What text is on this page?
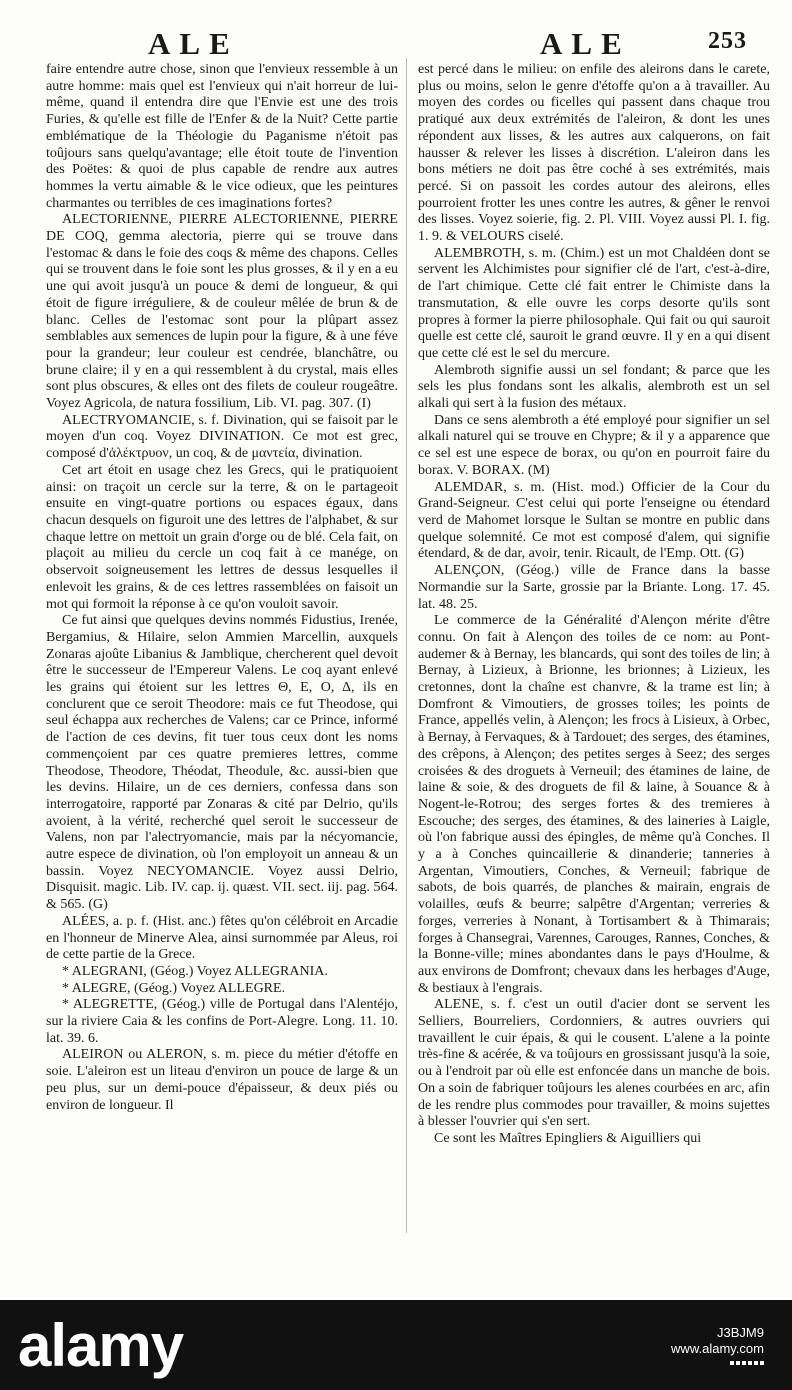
ALE	ALE	253

faire entendre autre chose, sinon que l'envieux ressemble à un autre homme: mais quel est l'envieux qui n'ait horreur de lui-même, quand il entendra dire que l'Envie est une des trois Furies, & qu'elle est fille de l'Enfer & de la Nuit? Cette partie emblématique de la Théologie du Paganisme n'étoit pas toûjours sans quelqu'avantage; elle étoit toute de l'invention des Poëtes: & quoi de plus capable de rendre aux autres hommes la vertu aimable & le vice odieux, que les peintures charmantes ou terribles de ces imaginations fortes?

ALECTORIENNE, PIERRE ALECTORIENNE, PIERRE DE COQ, gemma alectoria, pierre qui se trouve dans l'estomac & dans le foie des coqs & même des chapons. Celles qui se trouvent dans le foie sont les plus grosses, & il y en a eu une qui avoit jusqu'à un pouce & demi de longueur, & qui étoit de figure irréguliere, & de couleur mêlée de brun & de blanc. Celles de l'estomac sont pour la plûpart assez semblables aux semences de lupin pour la figure, & à une féve pour la grandeur; leur couleur est cendrée, blanchâtre, ou brune claire; il y en a qui ressemblent à du crystal, mais elles sont plus obscures, & elles ont des filets de couleur rougeâtre. Voyez Agricola, de natura fossilium, Lib. VI. pag. 307. (I)

ALECTRYOMANCIE, s. f. Divination, qui se faisoit par le moyen d'un coq. Voyez DIVINATION. Ce mot est grec, composé d'ἀλέκτρυον, un coq, & de μαντεία, divination.

Cet art étoit en usage chez les Grecs, qui le pratiquoient ainsi: on traçoit un cercle sur la terre, & on le partageoit ensuite en vingt-quatre portions ou espaces égaux, dans chacun desquels on figuroit une des lettres de l'alphabet, & sur chaque lettre on mettoit un grain d'orge ou de blé. Cela fait, on plaçoit au milieu du cercle un coq fait à ce manége, on observoit soigneusement les lettres de dessus lesquelles il enlevoit les grains, & de ces lettres rassemblées on faisoit un mot qui formoit la réponse à ce qu'on vouloit savoir.

Ce fut ainsi que quelques devins nommés Fidustius, Irenée, Bergamius, & Hilaire, selon Ammien Marcellin, auxquels Zonaras ajoûte Libanius & Jamblique, chercherent quel devoit être le successeur de l'Empereur Valens. Le coq ayant enlevé les grains qui étoient sur les lettres Θ, Ε, Ο, Δ, ils en conclurent que ce seroit Theodore: mais ce fut Theodose, qui seul échappa aux recherches de Valens; car ce Prince, informé de l'action de ces devins, fit tuer tous ceux dont les noms commençoient par ces quatre premieres lettres, comme Theodose, Theodore, Théodat, Theodule, &c. aussi-bien que les devins. Hilaire, un de ces derniers, confessa dans son interrogatoire, rapporté par Zonaras & cité par Delrio, qu'ils avoient, à la vérité, recherché quel seroit le successeur de Valens, non par l'alectryomancie, mais par la nécyomancie, autre espece de divination, où l'on employoit un anneau & un bassin. Voyez NECYOMANCIE. Voyez aussi Delrio, Disquisit. magic. Lib. IV. cap. ij. quæst. VII. sect. iij. pag. 564. & 565. (G)

ALÉES, a. p. f. (Hist. anc.) fêtes qu'on célébroit en Arcadie en l'honneur de Minerve Alea, ainsi surnommée par Aleus, roi de cette partie de la Grece.

* ALEGRANI, (Géog.) Voyez ALLEGRANIA.

* ALEGRE, (Géog.) Voyez ALLEGRE.

* ALEGRETTE, (Géog.) ville de Portugal dans l'Alentéjo, sur la riviere Caia & les confins de Port-Alegre. Long. 11. 10. lat. 39. 6.

ALEIRON ou ALERON, s. m. piece du métier d'étoffe en soie. L'aleiron est un liteau d'environ un pouce de large & un peu plus, sur un demi-pouce d'épaisseur, & deux piés ou environ de longueur. Il

est percé dans le milieu: on enfile des aleirons dans le carete, plus ou moins, selon le genre d'étoffe qu'on a à travailler. Au moyen des cordes ou ficelles qui passent dans chaque trou pratiqué aux deux extrémités de l'aleiron, & dont les unes répondent aux lisses, & les autres aux calquerons, on fait hausser & relever les lisses à discrétion. L'aleiron dans les bons métiers ne doit pas être coché à ses extrémités, mais percé. Si on passoit les cordes autour des aleirons, elles pourroient frotter les unes contre les autres, & gêner le renvoi des lisses. Voyez soierie, fig. 2. Pl. VIII. Voyez aussi Pl. I. fig. 1. 9. & VELOURS ciselé.

ALEMBROTH, s. m. (Chim.) est un mot Chaldéen dont se servent les Alchimistes pour signifier clé de l'art, c'est-à-dire, de l'art chimique. Cette clé fait entrer le Chimiste dans la transmutation, & elle ouvre les corps desorte qu'ils sont propres à former la pierre philosophale. Qui fait ou qui sauroit quelle est cette clé, sauroit le grand œuvre. Il y en a qui disent que cette clé est le sel du mercure.

Alembroth signifie aussi un sel fondant; & parce que les sels les plus fondans sont les alkalis, alembroth est un sel alkali qui sert à la fusion des métaux.

Dans ce sens alembroth a été employé pour signifier un sel alkali naturel qui se trouve en Chypre; & il y a apparence que ce sel est une espece de borax, ou qu'on en pourroit faire du borax. V. BORAX. (M)

ALEMDAR, s. m. (Hist. mod.) Officier de la Cour du Grand-Seigneur. C'est celui qui porte l'enseigne ou étendard verd de Mahomet lorsque le Sultan se montre en public dans quelque solemnité. Ce mot est composé d'alem, qui signifie étendard, & de dar, avoir, tenir. Ricault, de l'Emp. Ott. (G)

ALENÇON, (Géog.) ville de France dans la basse Normandie sur la Sarte, grossie par la Briante. Long. 17. 45. lat. 48. 25.

Le commerce de la Généralité d'Alençon mérite d'être connu. On fait à Alençon des toiles de ce nom: au Pont-audemer & à Bernay, les blancards, qui sont des toiles de lin; à Bernay, à Lizieux, à Brionne, les brionnes; à Lizieux, les cretonnes, dont la chaîne est chanvre, & la trame est lin; à Domfront & Vimoutiers, de grosses toiles; les points de France, appellés velin, à Alençon; les frocs à Lisieux, à Orbec, à Bernay, à Fervaques, & à Tardouet; des serges, des étamines, des crêpons, à Alençon; des petites serges à Seez; des serges croisées & des droguets à Verneuil; des étamines de laine, de laine & soie, & des droguets de fil & laine, à Souance & à Nogent-le-Rotrou; des serges fortes & des tremieres à Escouche; des serges, des étamines, & des laineries à Laigle, où l'on fabrique aussi des épingles, de même qu'à Conches. Il y a à Conches quincaillerie & dinanderie; tanneries à Argentan, Vimoutiers, Conches, & Verneuil; fabrique de sabots, de bois quarrés, de planches & mairain, engrais de volailles, œufs & beurre; salpêtre d'Argentan; verreries & forges, verreries à Nonant, à Tortisambert & à Thimarais; forges à Chansegrai, Varennes, Carouges, Rannes, Conches, & la Bonne-ville; mines abondantes dans le pays d'Houlme, & aux environs de Domfront; chevaux dans les herbages d'Auge, & bestiaux à l'engrais.

ALENE, s. f. c'est un outil d'acier dont se servent les Selliers, Bourreliers, Cordonniers, & autres ouvriers qui travaillent le cuir épais, & qui le cousent. L'alene a la pointe très-fine & acérée, & va toûjours en grossissant jusqu'à la soie, ou à l'endroit par où elle est enfoncée dans un manche de bois. On a soin de fabriquer toûjours les alenes courbées en arc, afin de les rendre plus commodes pour travailler, & moins sujettes à blesser l'ouvrier qui s'en sert.

Ce sont les Maîtres Epingliers & Aiguilliers qui

alamy	J3BJM9
www.alamy.com
